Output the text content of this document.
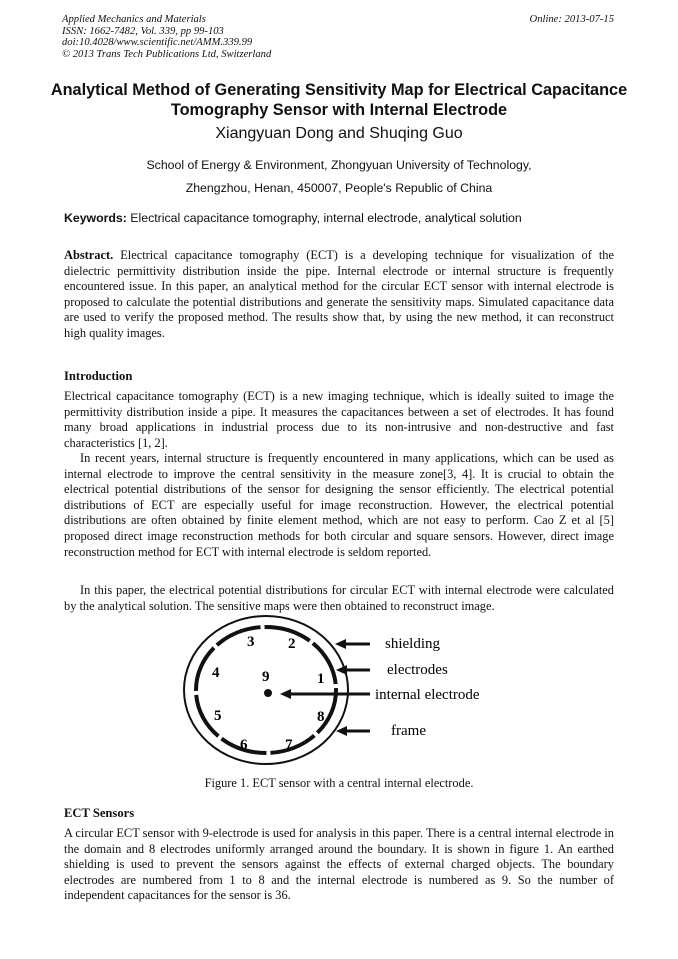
Applied Mechanics and Materials
ISSN: 1662-7482, Vol. 339, pp 99-103
doi:10.4028/www.scientific.net/AMM.339.99
© 2013 Trans Tech Publications Ltd, Switzerland
Online: 2013-07-15
Analytical Method of Generating Sensitivity Map for Electrical Capacitance Tomography Sensor with Internal Electrode
Xiangyuan Dong and Shuqing Guo
School of Energy & Environment, Zhongyuan University of Technology,
Zhengzhou, Henan, 450007, People's Republic of China
Keywords: Electrical capacitance tomography, internal electrode, analytical solution

Abstract. Electrical capacitance tomography (ECT) is a developing technique for visualization of the dielectric permittivity distribution inside the pipe. Internal electrode or internal structure is frequently encountered issue. In this paper, an analytical method for the circular ECT sensor with internal electrode is proposed to calculate the potential distributions and generate the sensitivity maps. Simulated capacitance data are used to verify the proposed method. The results show that, by using the new method, it can reconstruct high quality images.

Introduction

Electrical capacitance tomography (ECT) is a new imaging technique, which is ideally suited to image the permittivity distribution inside a pipe. It measures the capacitances between a set of electrodes. It has found many broad applications in industrial process due to its non-intrusive and non-destructive and fast characteristics [1, 2].

In recent years, internal structure is frequently encountered in many applications, which can be used as internal electrode to improve the central sensitivity in the measure zone[3, 4]. It is crucial to obtain the electrical potential distributions of the sensor for designing the sensor efficiently. The electrical potential distributions of ECT are especially useful for image reconstruction. However, the electrical potential distributions are often obtained by finite element method, which are not easy to perform. Cao Z et al [5] proposed direct image reconstruction methods for both circular and square sensors. However, direct image reconstruction method for ECT with internal electrode is seldom reported.

In this paper, the electrical potential distributions for circular ECT with internal electrode were calculated by the analytical solution. The sensitive maps were then obtained to reconstruct image.

1
2
3
4
5
6	7
8
9
shielding
electrodes
internal electrode
frame
Figure 1. ECT sensor with a central internal electrode.
ECT Sensors

A circular ECT sensor with 9-electrode is used for analysis in this paper. There is a central internal electrode in the domain and 8 electrodes uniformly arranged around the boundary. It is shown in figure 1. An earthed shielding is used to prevent the sensors against the effects of external charged objects. The boundary electrodes are numbered from 1 to 8 and the internal electrode is numbered as 9. So the number of independent capacitances for the sensor is 36.
